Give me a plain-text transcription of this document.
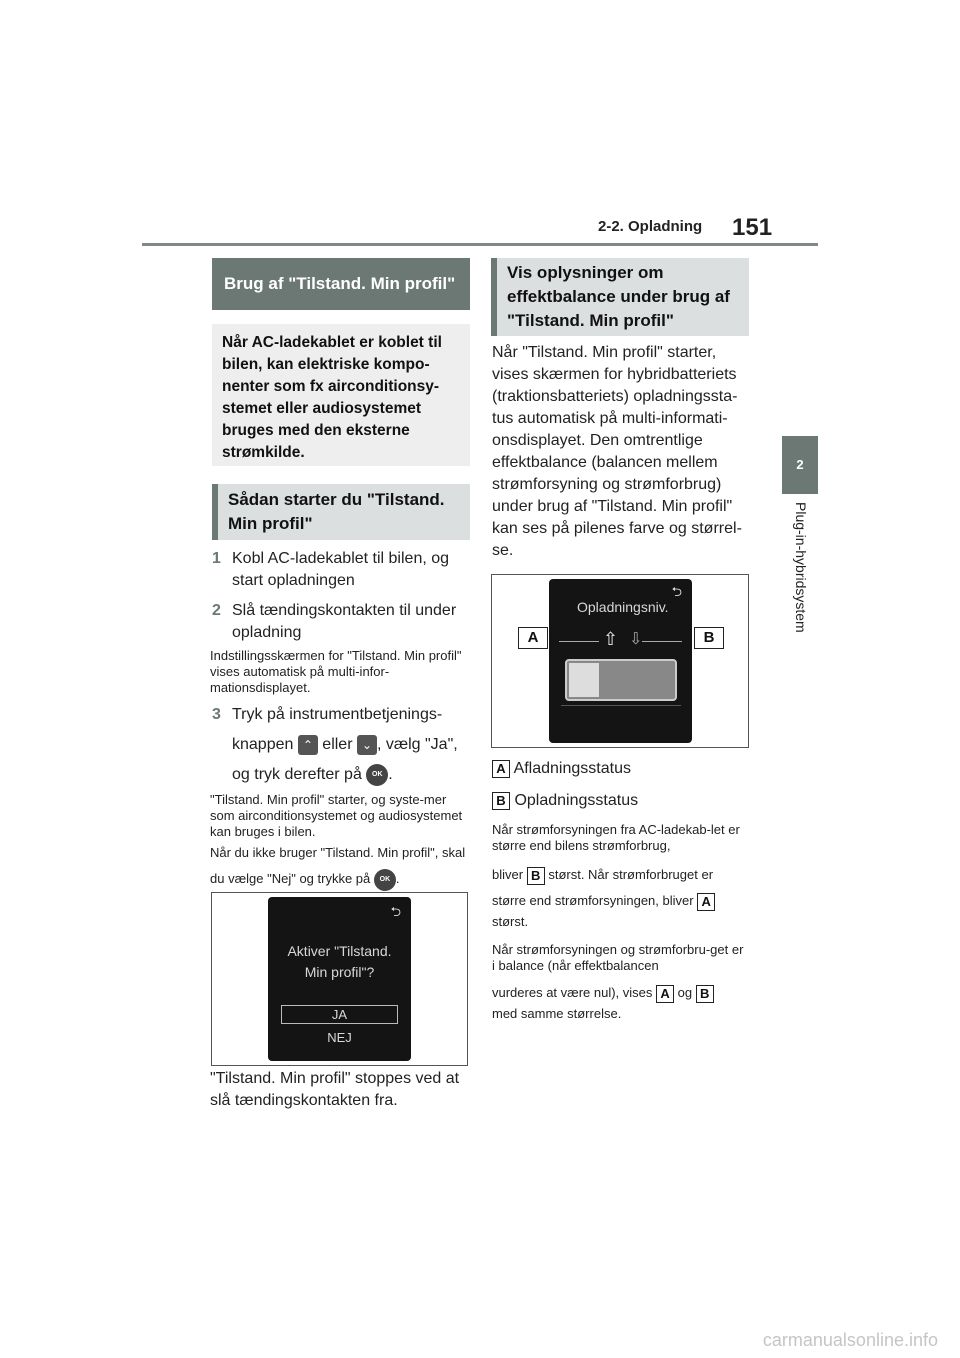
2-2. Opladning 151
2
Plug-in-hybridsystem
Brug af "Tilstand. Min profil"
Når AC-ladekablet er koblet til bilen, kan elektriske kompo-nenter som fx airconditionsy-stemet eller audiosystemet bruges med den eksterne strømkilde.
Sådan starter du "Tilstand. Min profil"
1 Kobl AC-ladekablet til bilen, og start opladningen
2 Slå tændingskontakten til under opladning
Indstillingsskærmen for "Tilstand. Min profil" vises automatisk på multi-infor-mationsdisplayet.
3 Tryk på instrumentbetjenings-knappen ⌃ eller ⌄ , vælg "Ja", og tryk derefter på OK .
"Tilstand. Min profil" starter, og syste-mer som airconditionsystemet og audiosystemet kan bruges i bilen.
Når du ikke bruger "Tilstand. Min profil", skal du vælge "Nej" og trykke på OK .
⮌
Aktiver "Tilstand.
Min profil"?
JA
NEJ
"Tilstand. Min profil" stoppes ved at slå tændingskontakten fra.
Vis oplysninger om effektbalance under brug af "Tilstand. Min profil"
Når "Tilstand. Min profil" starter, vises skærmen for hybridbatteriets (traktionsbatteriets) opladningssta-tus automatisk på multi-informati-onsdisplayet. Den omtrentlige effektbalance (balancen mellem strømforsyning og strømforbrug) under brug af "Tilstand. Min profil" kan ses på pilenes farve og størrel-se.
⮌
Opladningsniv.
⇧ ⇩
A	B
A Afladningsstatus
B Opladningsstatus
Når strømforsyningen fra AC-ladekab-let er større end bilens strømforbrug,
bliver B størst. Når strømforbruget er
større end strømforsyningen, bliver A
størst.
Når strømforsyningen og strømforbru-get er i balance (når effektbalancen
vurderes at være nul), vises A og B
med samme størrelse.
carmanualsonline.info
